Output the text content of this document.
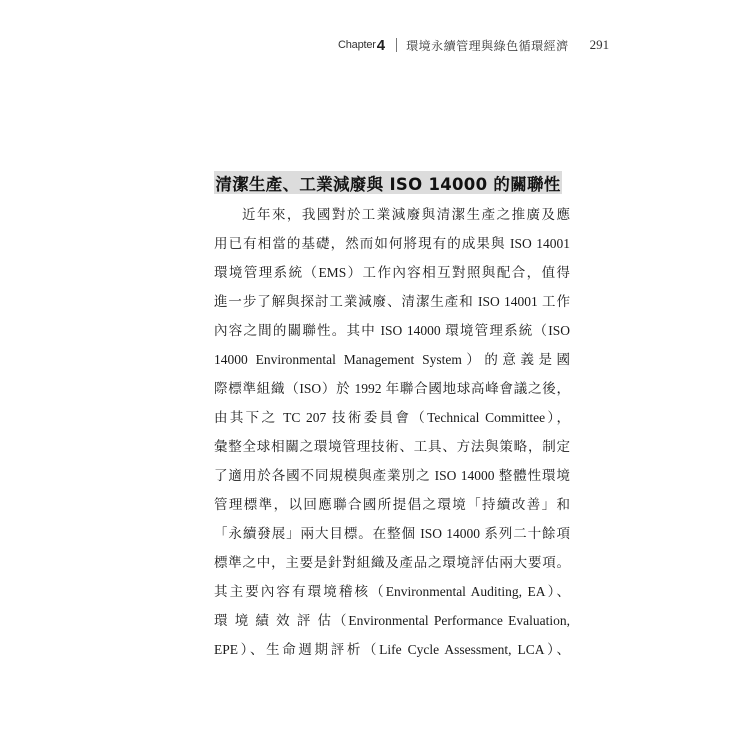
Chapter 4 環境永續管理與綠色循環經濟 291
清潔生產、工業減廢與 ISO 14000 的關聯性
近年來，我國對於工業減廢與清潔生產之推廣及應
用已有相當的基礎，然而如何將現有的成果與 ISO 14001
環境管理系統（EMS）工作內容相互對照與配合，值得
進一步了解與探討工業減廢、清潔生產和 ISO 14001 工作
內容之間的關聯性。其中 ISO 14000 環境管理系統（ISO
14000 Environmental Management System）的意義是國
際標準組織（ISO）於 1992 年聯合國地球高峰會議之後，
由其下之 TC 207 技術委員會（Technical Committee），
彙整全球相關之環境管理技術、工具、方法與策略，制定
了適用於各國不同規模與產業別之 ISO 14000 整體性環境
管理標準，以回應聯合國所提倡之環境「持續改善」和
「永續發展」兩大目標。在整個 ISO 14000 系列二十餘項
標準之中，主要是針對組織及產品之環境評估兩大要項。
其主要內容有環境稽核（Environmental Auditing, EA）、
環 境 績 效 評 估（Environmental Performance Evaluation,
EPE）、生命週期評析（Life Cycle Assessment, LCA）、
